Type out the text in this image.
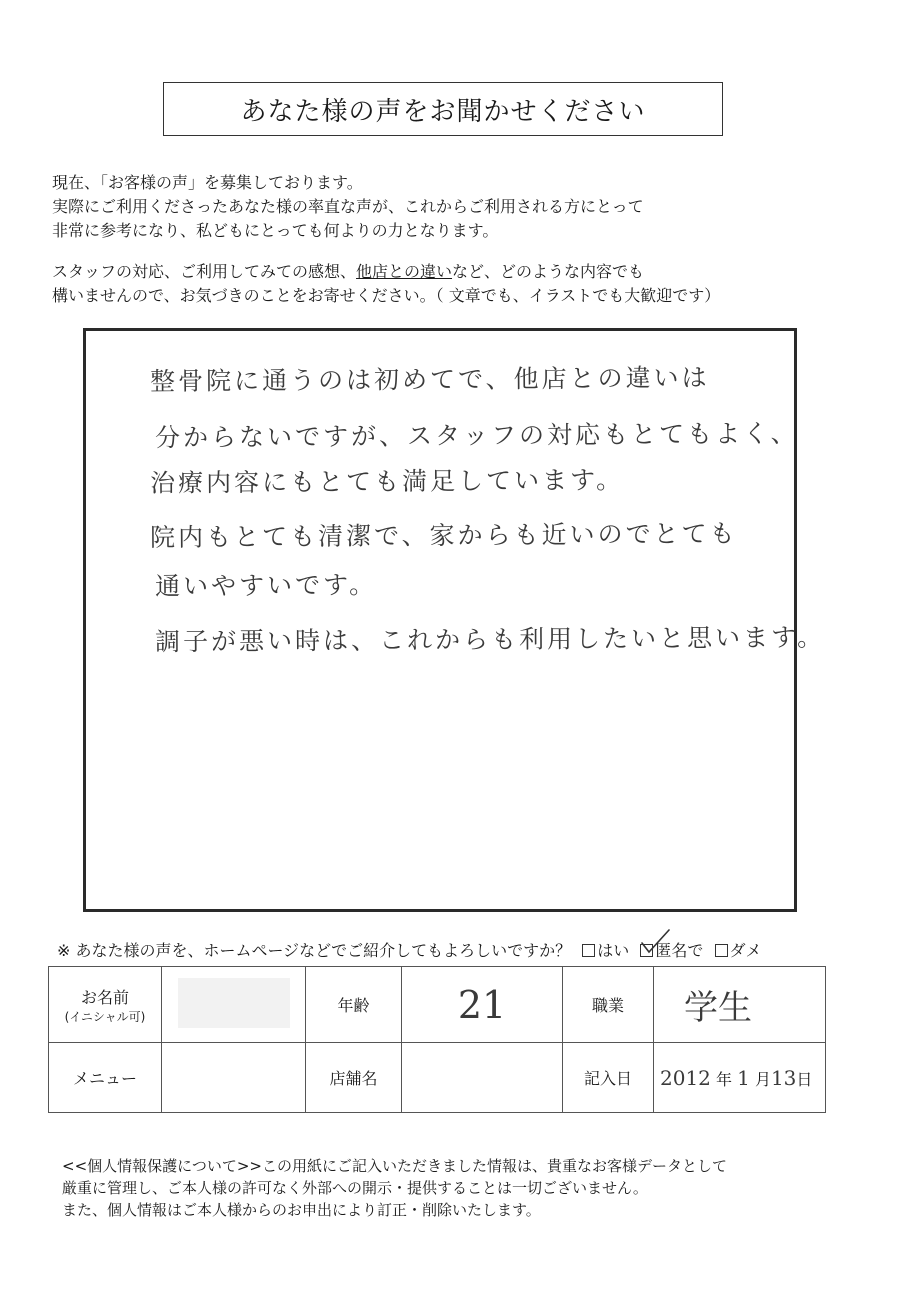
あなた様の声をお聞かせください
現在、「お客様の声」を募集しております。
実際にご利用くださったあなた様の率直な声が、これからご利用される方にとって
非常に参考になり、私どもにとっても何よりの力となります。
スタッフの対応、ご利用してみての感想、他店との違いなど、どのような内容でも
構いませんので、お気づきのことをお寄せください。（ 文章でも、イラストでも大歓迎です）
整骨院に通うのは初めてで、他店との違いは
分からないですが、スタッフの対応もとてもよく、
治療内容にもとても満足しています。
院内もとても清潔で、家からも近いのでとても
通いやすいです。
調子が悪い時は、これからも利用したいと思います。
※ あなた様の声を、ホームページなどでご紹介してもよろしいですか？ はい 匿名で ダメ
お名前
(イニシャル可)		年齢	21	職業	学生
メニュー		店舗名		記入日	2012 年 1 月13日
<<個人情報保護について>>この用紙にご記入いただきました情報は、貴重なお客様データとして
厳重に管理し、ご本人様の許可なく外部への開示・提供することは一切ございません。
また、個人情報はご本人様からのお申出により訂正・削除いたします。
